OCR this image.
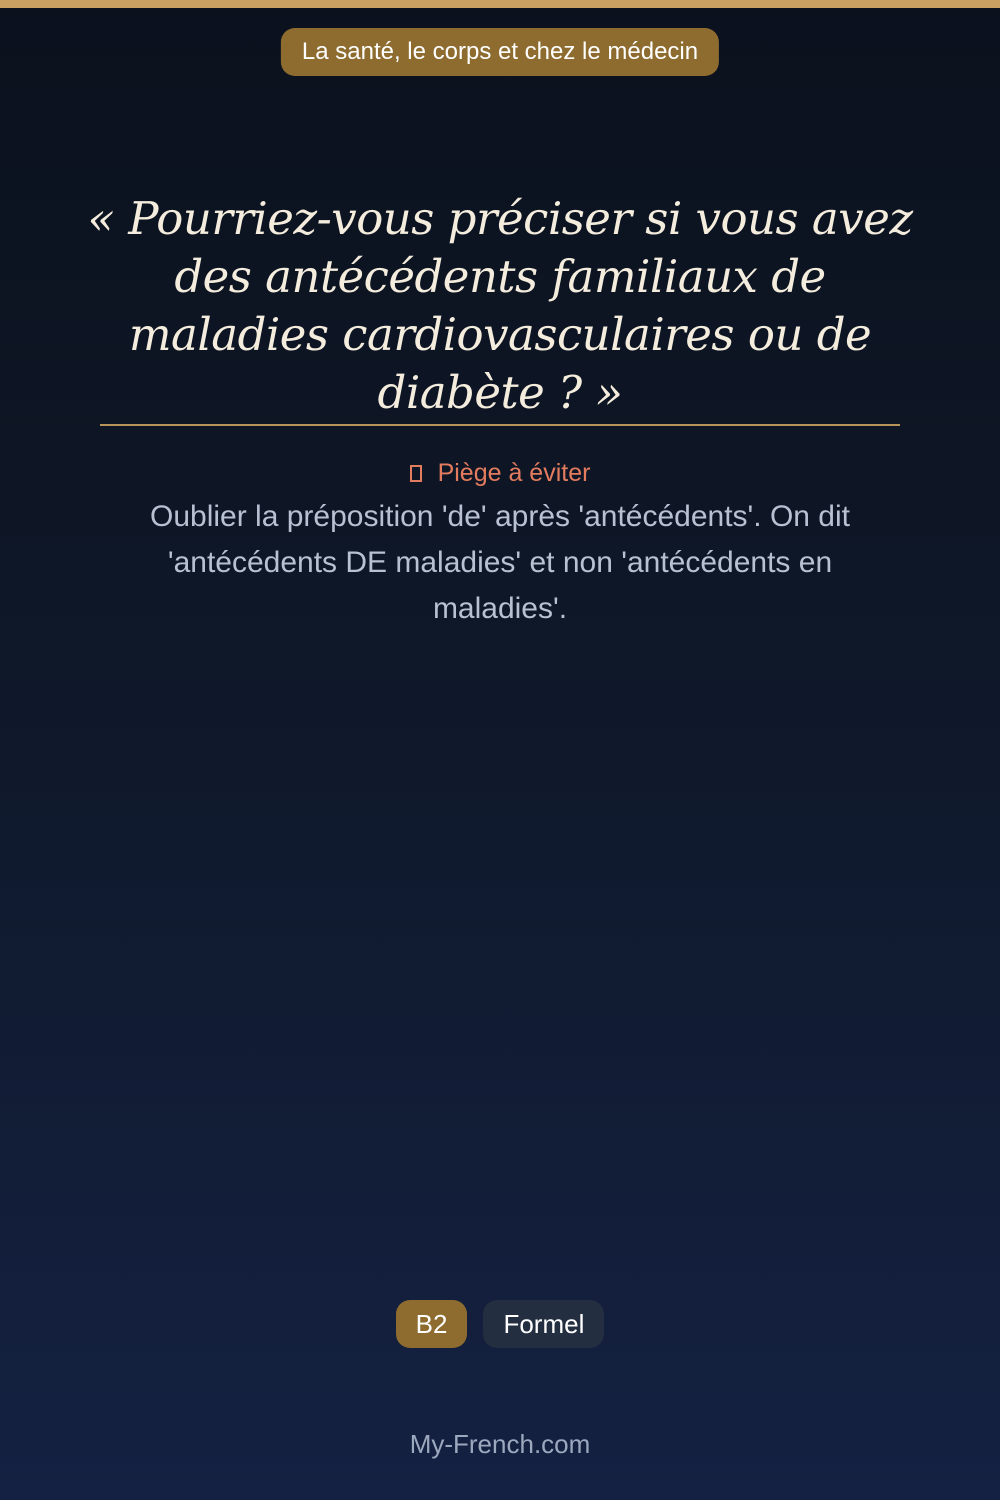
La santé, le corps et chez le médecin

« Pourriez-vous préciser si vous avez des antécédents familiaux de maladies cardiovasculaires ou de diabète ? »

Piège à éviter

Oublier la préposition 'de' après 'antécédents'. On dit 'antécédents DE maladies' et non 'antécédents en maladies'.

B2	Formel
My-French.com
